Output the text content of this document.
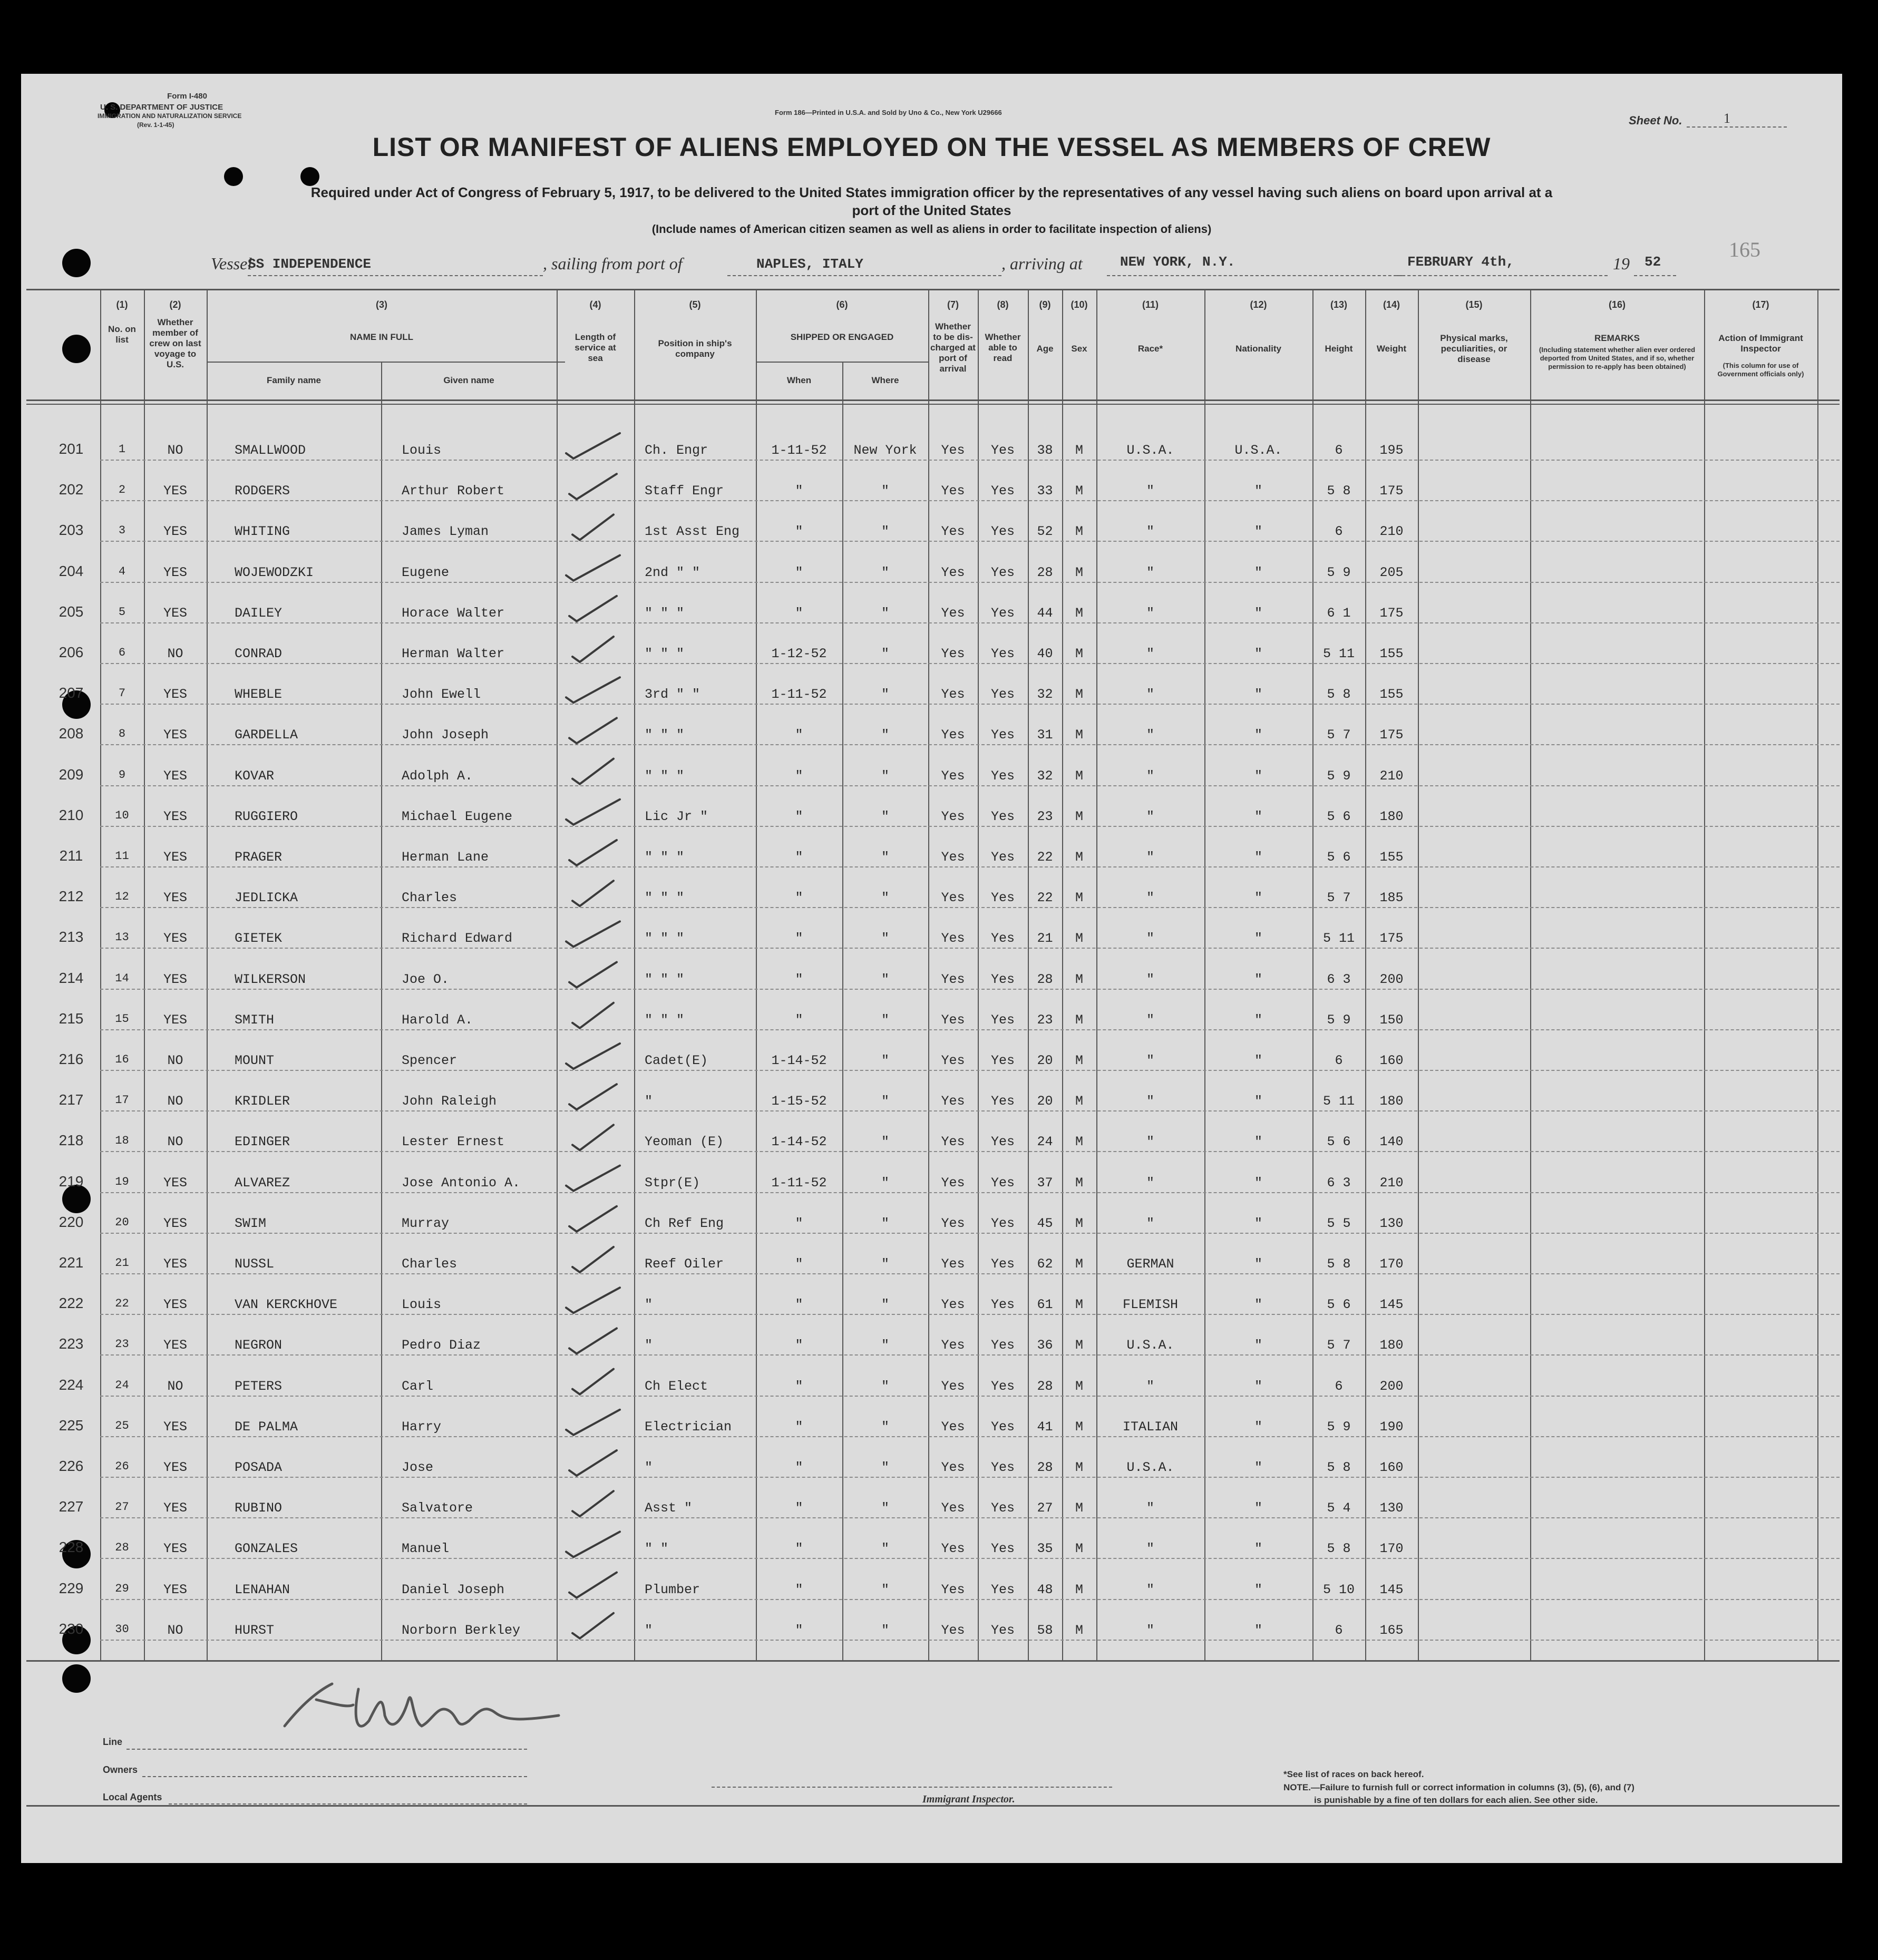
Form I-480
U. S. DEPARTMENT OF JUSTICE
IMMIGRATION AND NATURALIZATION SERVICE
(Rev. 1-1-45)
Form 186—Printed in U.S.A. and Sold by Uno & Co., New York U29666
Sheet No.	1
165
LIST OR MANIFEST OF ALIENS EMPLOYED ON THE VESSEL AS MEMBERS OF CREW
Required under Act of Congress of February 5, 1917, to be delivered to the United States immigration officer by the representatives of any vessel having such aliens on board upon arrival at a
port of the United States
(Include names of American citizen seamen as well as aliens in order to facilitate inspection of aliens)
Vessel
SS INDEPENDENCE	, sailing from port of	NAPLES, ITALY	, arriving at	NEW YORK, N.Y.	FEBRUARY 4th,	19 52
(1)
No. on list
(2)
Whether member of crew on last voyage to U.S.
(3)
NAME IN FULL
Family name	Given name
(4)
Length of service at sea
(5)
Position in ship's company
(6)
SHIPPED OR ENGAGED
When	Where
(7)
Whether to be dis-charged at port of arrival
(8)
Whether able to read
(9)
Age
(10)
Sex
(11)
Race*
(12)
Nationality
(13)
Height
(14)
Weight
(15)
Physical marks, peculiarities, or disease
(16)
REMARKS
(Including statement whether alien ever ordered deported from United States, and if so, whether permission to re-apply has been obtained)
(17)
Action of Immigrant Inspector
(This column for use of Government officials only)
201	1	NO	SMALLWOOD	Louis	Ch. Engr	1-11-52	New York	Yes	Yes	38	M	U.S.A.	U.S.A.	6	195
202	2	YES	RODGERS	Arthur Robert	Staff Engr	"	"	Yes	Yes	33	M	"	"	5 8	175
203	3	YES	WHITING	James Lyman	1st Asst Eng	"	"	Yes	Yes	52	M	"	"	6	210
204	4	YES	WOJEWODZKI	Eugene	2nd " "	"	"	Yes	Yes	28	M	"	"	5 9	205
205	5	YES	DAILEY	Horace Walter	" " "	"	"	Yes	Yes	44	M	"	"	6 1	175
206	6	NO	CONRAD	Herman Walter	" " "	1-12-52	"	Yes	Yes	40	M	"	"	5 11	155
207	7	YES	WHEBLE	John Ewell	3rd " "	1-11-52	"	Yes	Yes	32	M	"	"	5 8	155
208	8	YES	GARDELLA	John Joseph	" " "	"	"	Yes	Yes	31	M	"	"	5 7	175
209	9	YES	KOVAR	Adolph A.	" " "	"	"	Yes	Yes	32	M	"	"	5 9	210
210	10	YES	RUGGIERO	Michael Eugene	Lic Jr "	"	"	Yes	Yes	23	M	"	"	5 6	180
211	11	YES	PRAGER	Herman Lane	" " "	"	"	Yes	Yes	22	M	"	"	5 6	155
212	12	YES	JEDLICKA	Charles	" " "	"	"	Yes	Yes	22	M	"	"	5 7	185
213	13	YES	GIETEK	Richard Edward	" " "	"	"	Yes	Yes	21	M	"	"	5 11	175
214	14	YES	WILKERSON	Joe O.	" " "	"	"	Yes	Yes	28	M	"	"	6 3	200
215	15	YES	SMITH	Harold A.	" " "	"	"	Yes	Yes	23	M	"	"	5 9	150
216	16	NO	MOUNT	Spencer	Cadet(E)	1-14-52	"	Yes	Yes	20	M	"	"	6	160
217	17	NO	KRIDLER	John Raleigh	"	1-15-52	"	Yes	Yes	20	M	"	"	5 11	180
218	18	NO	EDINGER	Lester Ernest	Yeoman (E)	1-14-52	"	Yes	Yes	24	M	"	"	5 6	140
219	19	YES	ALVAREZ	Jose Antonio A.	Stpr(E)	1-11-52	"	Yes	Yes	37	M	"	"	6 3	210
220	20	YES	SWIM	Murray	Ch Ref Eng	"	"	Yes	Yes	45	M	"	"	5 5	130
221	21	YES	NUSSL	Charles	Reef Oiler	"	"	Yes	Yes	62	M	GERMAN	"	5 8	170
222	22	YES	VAN KERCKHOVE	Louis	"	"	"	Yes	Yes	61	M	FLEMISH	"	5 6	145
223	23	YES	NEGRON	Pedro Diaz	"	"	"	Yes	Yes	36	M	U.S.A.	"	5 7	180
224	24	NO	PETERS	Carl	Ch Elect	"	"	Yes	Yes	28	M	"	"	6	200
225	25	YES	DE PALMA	Harry	Electrician	"	"	Yes	Yes	41	M	ITALIAN	"	5 9	190
226	26	YES	POSADA	Jose	"	"	"	Yes	Yes	28	M	U.S.A.	"	5 8	160
227	27	YES	RUBINO	Salvatore	Asst "	"	"	Yes	Yes	27	M	"	"	5 4	130
228	28	YES	GONZALES	Manuel	" "	"	"	Yes	Yes	35	M	"	"	5 8	170
229	29	YES	LENAHAN	Daniel Joseph	Plumber	"	"	Yes	Yes	48	M	"	"	5 10	145
230	30	NO	HURST	Norborn Berkley	"	"	"	Yes	Yes	58	M	"	"	6	165
Line
Owners
Local Agents	Immigrant Inspector.
*See list of races on back hereof.
NOTE.—Failure to furnish full or correct information in columns (3), (5), (6), and (7)
is punishable by a fine of ten dollars for each alien. See other side.
